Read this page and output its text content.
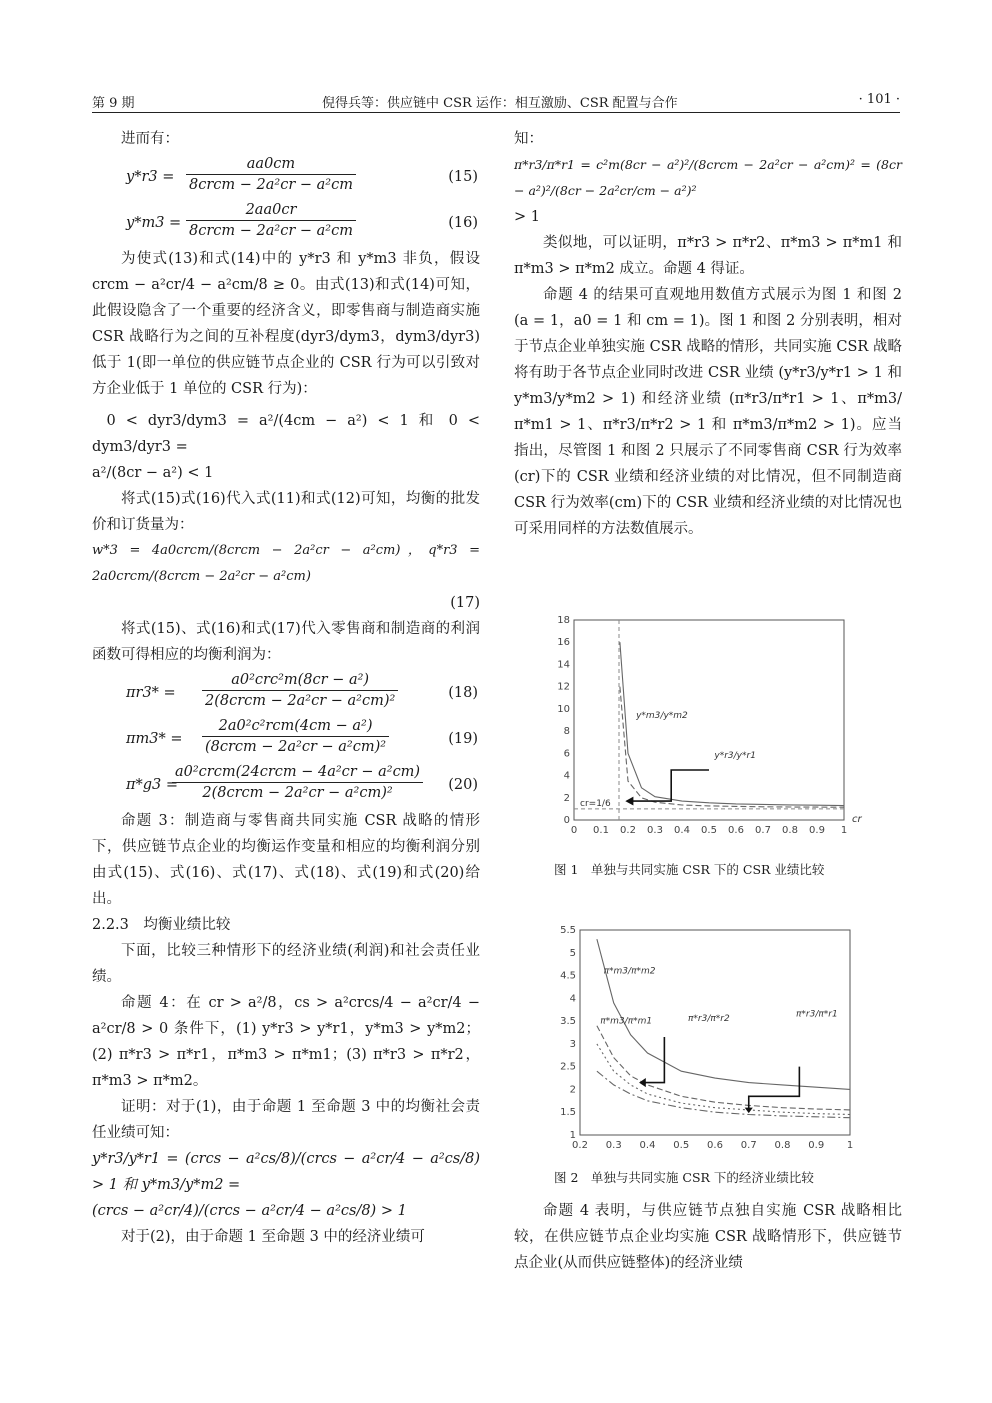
第 9 期	倪得兵等：供应链中 CSR 运作：相互激励、CSR 配置与合作	· 101 ·

进而有：

$y*r3 = \frac{aa0cm}{\text{8crcm − 2a²cr − a²cm}}$	(15)
$y*m3 = \frac{2aa0cr}{\text{8crcm − 2a²cr − a²cm}}$	(16)

为使式(13)和式(14)中的 y*r3 和 y*m3 非负，假设 crcm − a²cr/4 − a²cm/8 ≥ 0。由式(13)和式(14)可知，此假设隐含了一个重要的经济含义，即零售商与制造商实施 CSR 战略行为之间的互补程度(dyr3/dym3，dym3/dyr3)低于 1(即一单位的供应链节点企业的 CSR 行为可以引致对方企业低于 1 单位的 CSR 行为)：

0 < dyr3/dym3 = a²/(4cm − a²) < 1 和 0 < dym3/dyr3 =

a²/(8cr − a²) < 1

将式(15)式(16)代入式(11)和式(12)可知，均衡的批发价和订货量为：

w*3 = 4a0crcm/(8crcm − 2a²cr − a²cm)，q*r3 = 2a0crcm/(8crcm − 2a²cr − a²cm)

(17)

将式(15)、式(16)和式(17)代入零售商和制造商的利润函数可得相应的均衡利润为：

$\pi r3* = \frac{\text{a0²crc²m(8cr − a²)}}{\text{2(8crcm − 2a²cr − a²cm)²}}$	(18)
$\pi m3* = \frac{\text{2a0²c²rcm(4cm − a²)}}{\text{(8crcm − 2a²cr − a²cm)²}}$	(19)
π*g3 =
$\frac{\text{a0²crcm(24crcm − 4a²cr − a²cm)}}{\text{2(8crcm − 2a²cr − a²cm)²}} (20)$

命题 3：制造商与零售商共同实施 CSR 战略的情形下，供应链节点企业的均衡运作变量和相应的均衡利润分别由式(15)、式(16)、式(17)、式(18)、式(19)和式(20)给出。

2.2.3　均衡业绩比较

下面，比较三种情形下的经济业绩(利润)和社会责任业绩。

命题 4：在 cr > a²/8，cs > a²crcs/4 − a²cr/4 − a²cr/8 > 0 条件下，(1) y*r3 > y*r1，y*m3 > y*m2；(2) π*r3 > π*r1，π*m3 > π*m1；(3) π*r3 > π*r2，π*m3 > π*m2。

证明：对于(1)，由于命题 1 至命题 3 中的均衡社会责任业绩可知：

y*r3/y*r1 = (crcs − a²cs/8)/(crcs − a²cr/4 − a²cs/8) > 1 和 y*m3/y*m2 =

(crcs − a²cr/4)/(crcs − a²cr/4 − a²cs/8) > 1

对于(2)，由于命题 1 至命题 3 中的经济业绩可

知：

π*r3/π*r1 = c²m(8cr − a²)²/(8crcm − 2a²cr − a²cm)² = (8cr − a²)²/(8cr − 2a²cr/cm − a²)²

> 1

类似地，可以证明，π*r3 > π*r2、π*m3 > π*m1 和 π*m3 > π*m2 成立。命题 4 得证。

命题 4 的结果可直观地用数值方式展示为图 1 和图 2 (a = 1，a0 = 1 和 cm = 1)。图 1 和图 2 分别表明，相对于节点企业单独实施 CSR 战略的情形，共同实施 CSR 战略将有助于各节点企业同时改进 CSR 业绩 (y*r3/y*r1 > 1 和 y*m3/y*m2 > 1) 和经济业绩 (π*r3/π*r1 > 1、π*m3/π*m1 > 1、π*r3/π*r2 > 1 和 π*m3/π*m2 > 1)。应当指出，尽管图 1 和图 2 只展示了不同零售商 CSR 行为效率(cr)下的 CSR 业绩和经济业绩的对比情况，但不同制造商 CSR 行为效率(cm)下的 CSR 业绩和经济业绩的对比情况也可采用同样的方法数值展示。

0 0.1 0.2 0.3 0.4 0.5 0.6 0.7 0.8 0.9 1
0
2
4
6
8
10
12
14
16
18
cr=1/6
cr
y*m3/y*m2
y*r3/y*r1
图 1　单独与共同实施 CSR 下的 CSR 业绩比较
0.2 0.3 0.4 0.5 0.6 0.7 0.8 0.9 1
1
1.5
2
2.5
3
3.5
4
4.5
5
5.5
π*m3/π*m2
π*m3/π*m1	π*r3/π*r2	π*r3/π*r1
图 2　单独与共同实施 CSR 下的经济业绩比较

命题 4 表明，与供应链节点独自实施 CSR 战略相比较，在供应链节点企业均实施 CSR 战略情形下，供应链节点企业(从而供应链整体)的经济业绩
